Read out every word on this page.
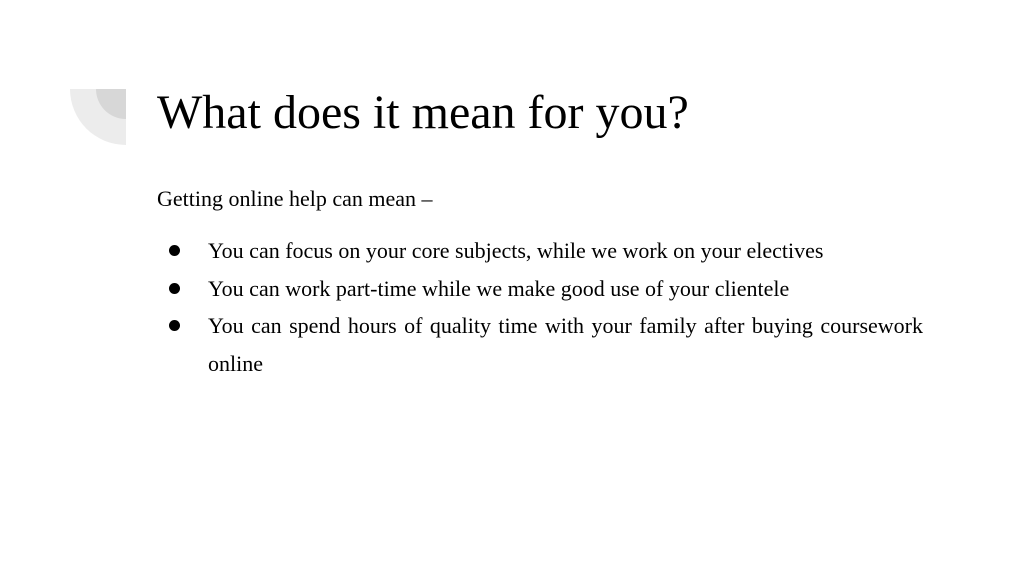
What does it mean for you?

Getting online help can mean –

You can focus on your core subjects, while we work on your electives
You can work part-time while we make good use of your clientele
You can spend hours of quality time with your family after buying coursework online
